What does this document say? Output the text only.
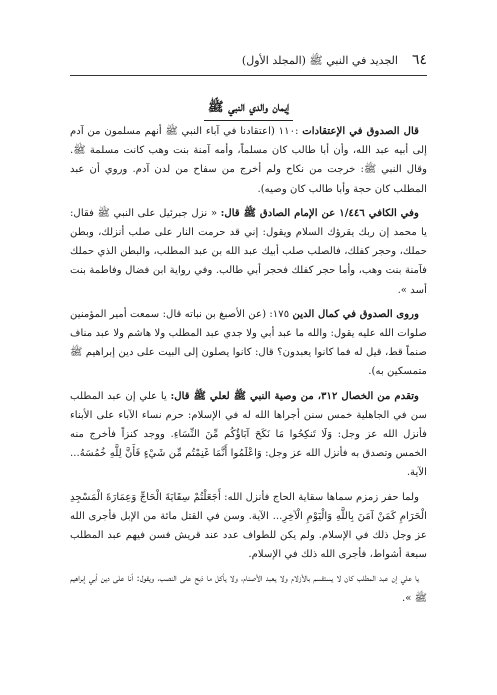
٦٤
الجديد في النبي ﷺ (المجلد الأول)
إيمان والدي النبي ﷺ

قال الصدوق في الإعتقادات :١١٠ (اعتقادنا في آباء النبي ﷺ أنهم مسلمون من آدم إلى أبيه عبد الله، وأن أبا طالب كان مسلماً، وأمه آمنة بنت وهب كانت مسلمة ﷺ. وقال النبي ﷺ: خرجت من نكاح ولم أخرج من سفاح من لدن آدم. وروي أن عبد المطلب كان حجة وأبا طالب كان وصيه).

وفي الكافي ١/٤٤٦ عن الإمام الصادق ﷺ قال: « نزل جبرئيل على النبي ﷺ فقال: يا محمد إن ربك يقرؤك السلام ويقول: إني قد حرمت النار على صلب أنزلك، وبطن حملك، وحجر كفلك، فالصلب صلب أبيك عبد الله بن عبد المطلب، والبطن الذي حملك فآمنة بنت وهب، وأما حجر كفلك فحجر أبي طالب. وفي رواية ابن فضال وفاطمة بنت أسد ».

وروى الصدوق في كمال الدين ١٧٥: (عن الأصبغ بن نباته قال: سمعت أمير المؤمنين صلوات الله عليه يقول: والله ما عبد أبي ولا جدي عبد المطلب ولا هاشم ولا عبد مناف صنماً قط، قيل له فما كانوا يعبدون؟ قال: كانوا يصلون إلى البيت على دين إبراهيم ﷺ متمسكين به).

وتقدم من الخصال ٣١٢، من وصية النبي ﷺ لعلي ﷺ قال: يا علي إن عبد المطلب سن في الجاهلية خمس سنن أجراها الله له في الإسلام: حرم نساء الآباء على الأبناء فأنزل الله عز وجل: وَلَا تَنكِحُوا مَا نَكَحَ آبَاؤُكُم مِّنَ النِّسَاءِ. ووجد كنزاً فأخرج منه الخمس وتصدق به فأنزل الله عز وجل: وَاعْلَمُوا أَنَّمَا غَنِمْتُم مِّن شَيْءٍ فَأَنَّ لِلَّهِ خُمُسَهُ... الآية.

ولما حفر زمزم سماها سقاية الحاج فأنزل الله: أَجَعَلْتُمْ سِقَايَةَ الْحَاجِّ وَعِمَارَةَ الْمَسْجِدِ الْحَرَامِ كَمَنْ آمَنَ بِاللَّهِ وَالْيَوْمِ الْآخِرِ... الآية. وسن في القتل مائة من الإبل فأجرى الله عز وجل ذلك في الإسلام. ولم يكن للطواف عدد عند قريش فسن فيهم عبد المطلب سبعة أشواط، فأجرى الله ذلك في الإسلام.

يا علي إن عبد المطلب كان لا يستقسم بالأزلام ولا يعبد الأصنام، ولا يأكل ما ذبح على النصب، ويقول: أنا على دين أبي إبراهيم ﷺ ».
